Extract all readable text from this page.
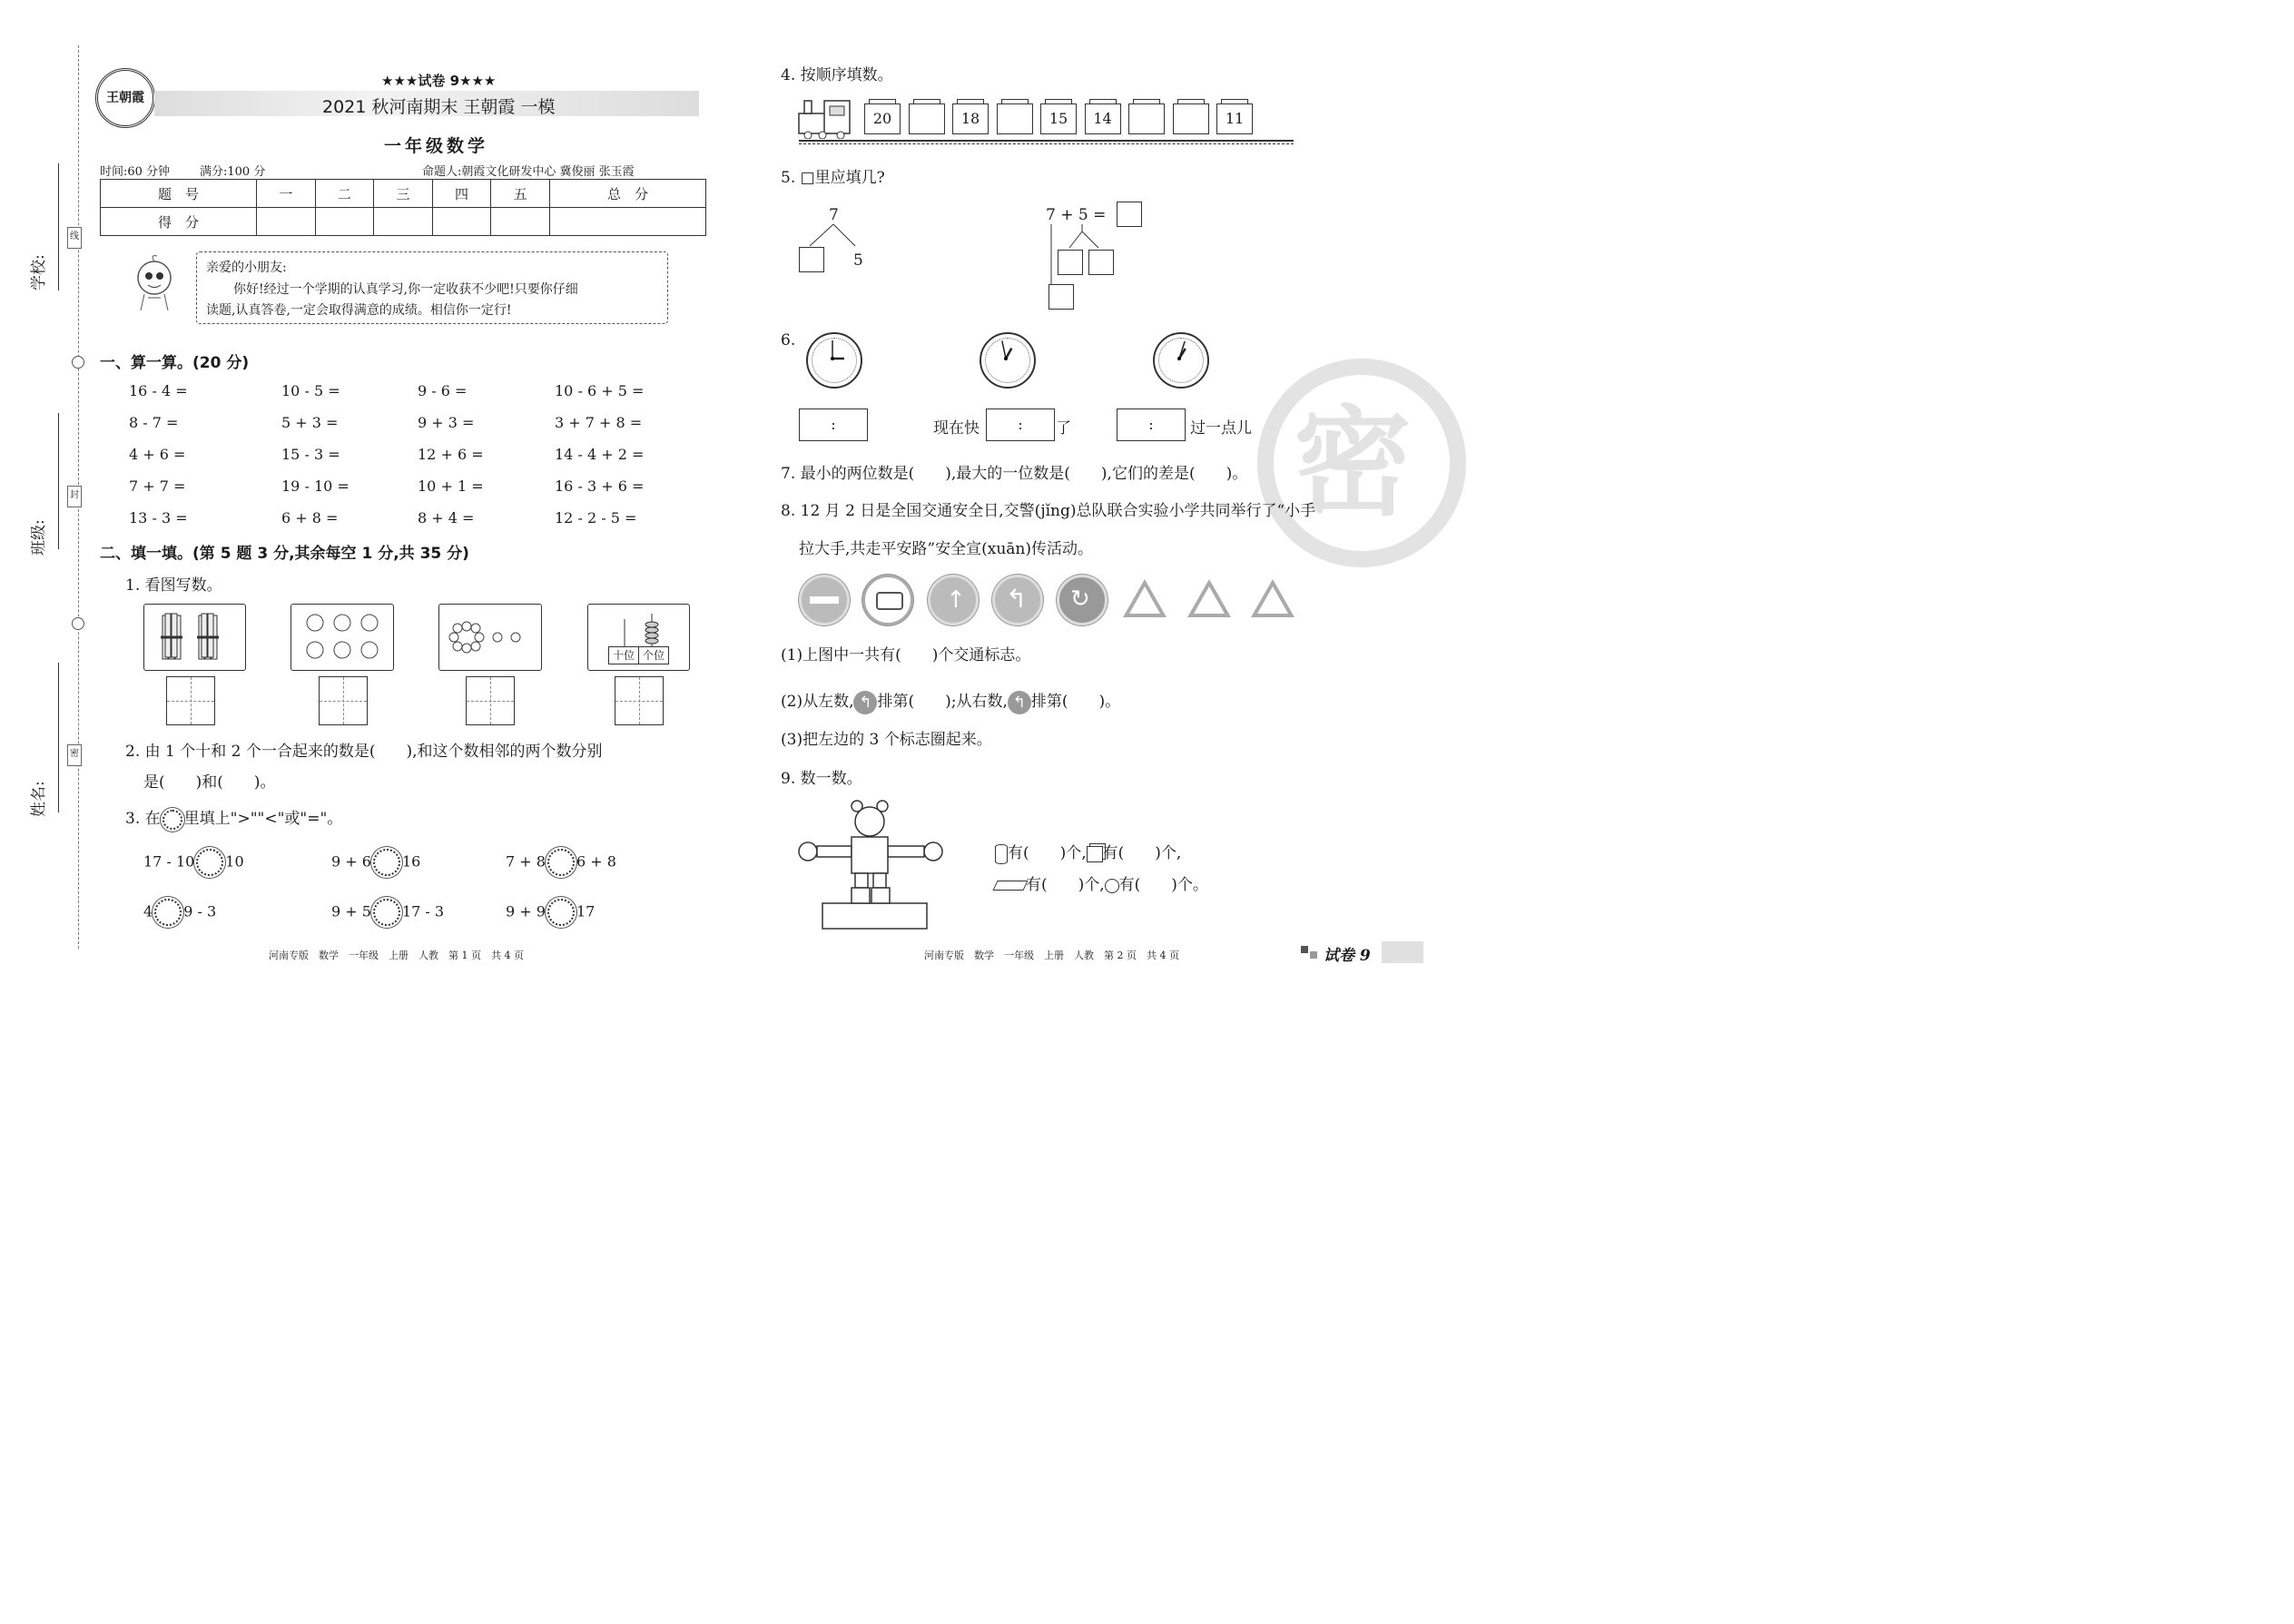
线
封
密
学校:
班级:
姓名:
王朝霞
★★★试卷 9★★★
2021 秋河南期末 王朝霞 一模
一年级数学
时间:60 分钟	满分:100 分	命题人:朝霞文化研发中心 冀俊丽 张玉霞
题　号	一	二	三	四	五	总　分
得　分						
亲爱的小朋友:
你好!经过一个学期的认真学习,你一定收获不少吧!只要你仔细
读题,认真答卷,一定会取得满意的成绩。相信你一定行!
一、算一算。(20 分)
16 - 4 =	10 - 5 =	9 - 6 =	10 - 6 + 5 =
8 - 7 =	5 + 3 =	9 + 3 =	3 + 7 + 8 =
4 + 6 =	15 - 3 =	12 + 6 =	14 - 4 + 2 =
7 + 7 =	19 - 10 =	10 + 1 =	16 - 3 + 6 =
13 - 3 =	6 + 8 =	8 + 4 =	12 - 2 - 5 =
二、填一填。(第 5 题 3 分,其余每空 1 分,共 35 分)
1. 看图写数。
十位 个位
2. 由 1 个十和 2 个一合起来的数是(　　),和这个数相邻的两个数分别
是(　　)和(　　)。
3. 在 里填上">""<"或"="。
17 - 10 10	9 + 6 16	7 + 8 6 + 8
4 9 - 3	9 + 5 17 - 3	9 + 9 17
4. 按顺序填数。
20	18	15	14	11
5. □里应填几?
7
5
7 + 5 =
6.
:	现在快	:	了	:	过一点儿 密
7. 最小的两位数是(　　),最大的一位数是(　　),它们的差是(　　)。
8. 12 月 2 日是全国交通安全日,交警(jǐng)总队联合实验小学共同举行了“小手
拉大手,共走平安路”安全宣(xuān)传活动。
↑ ↰ ↻
(1)上图中一共有(　　)个交通标志。
(2)从左数, ↰ 排第(　　);从右数, ↰ 排第(　　)。
(3)把左边的 3 个标志圈起来。
9. 数一数。
有(　　)个, 有(　　)个,
有(　　)个, 有(　　)个。
河南专版　数学　一年级　上册　人教　第 1 页　共 4 页	河南专版　数学　一年级　上册　人教　第 2 页　共 4 页	试卷 9
